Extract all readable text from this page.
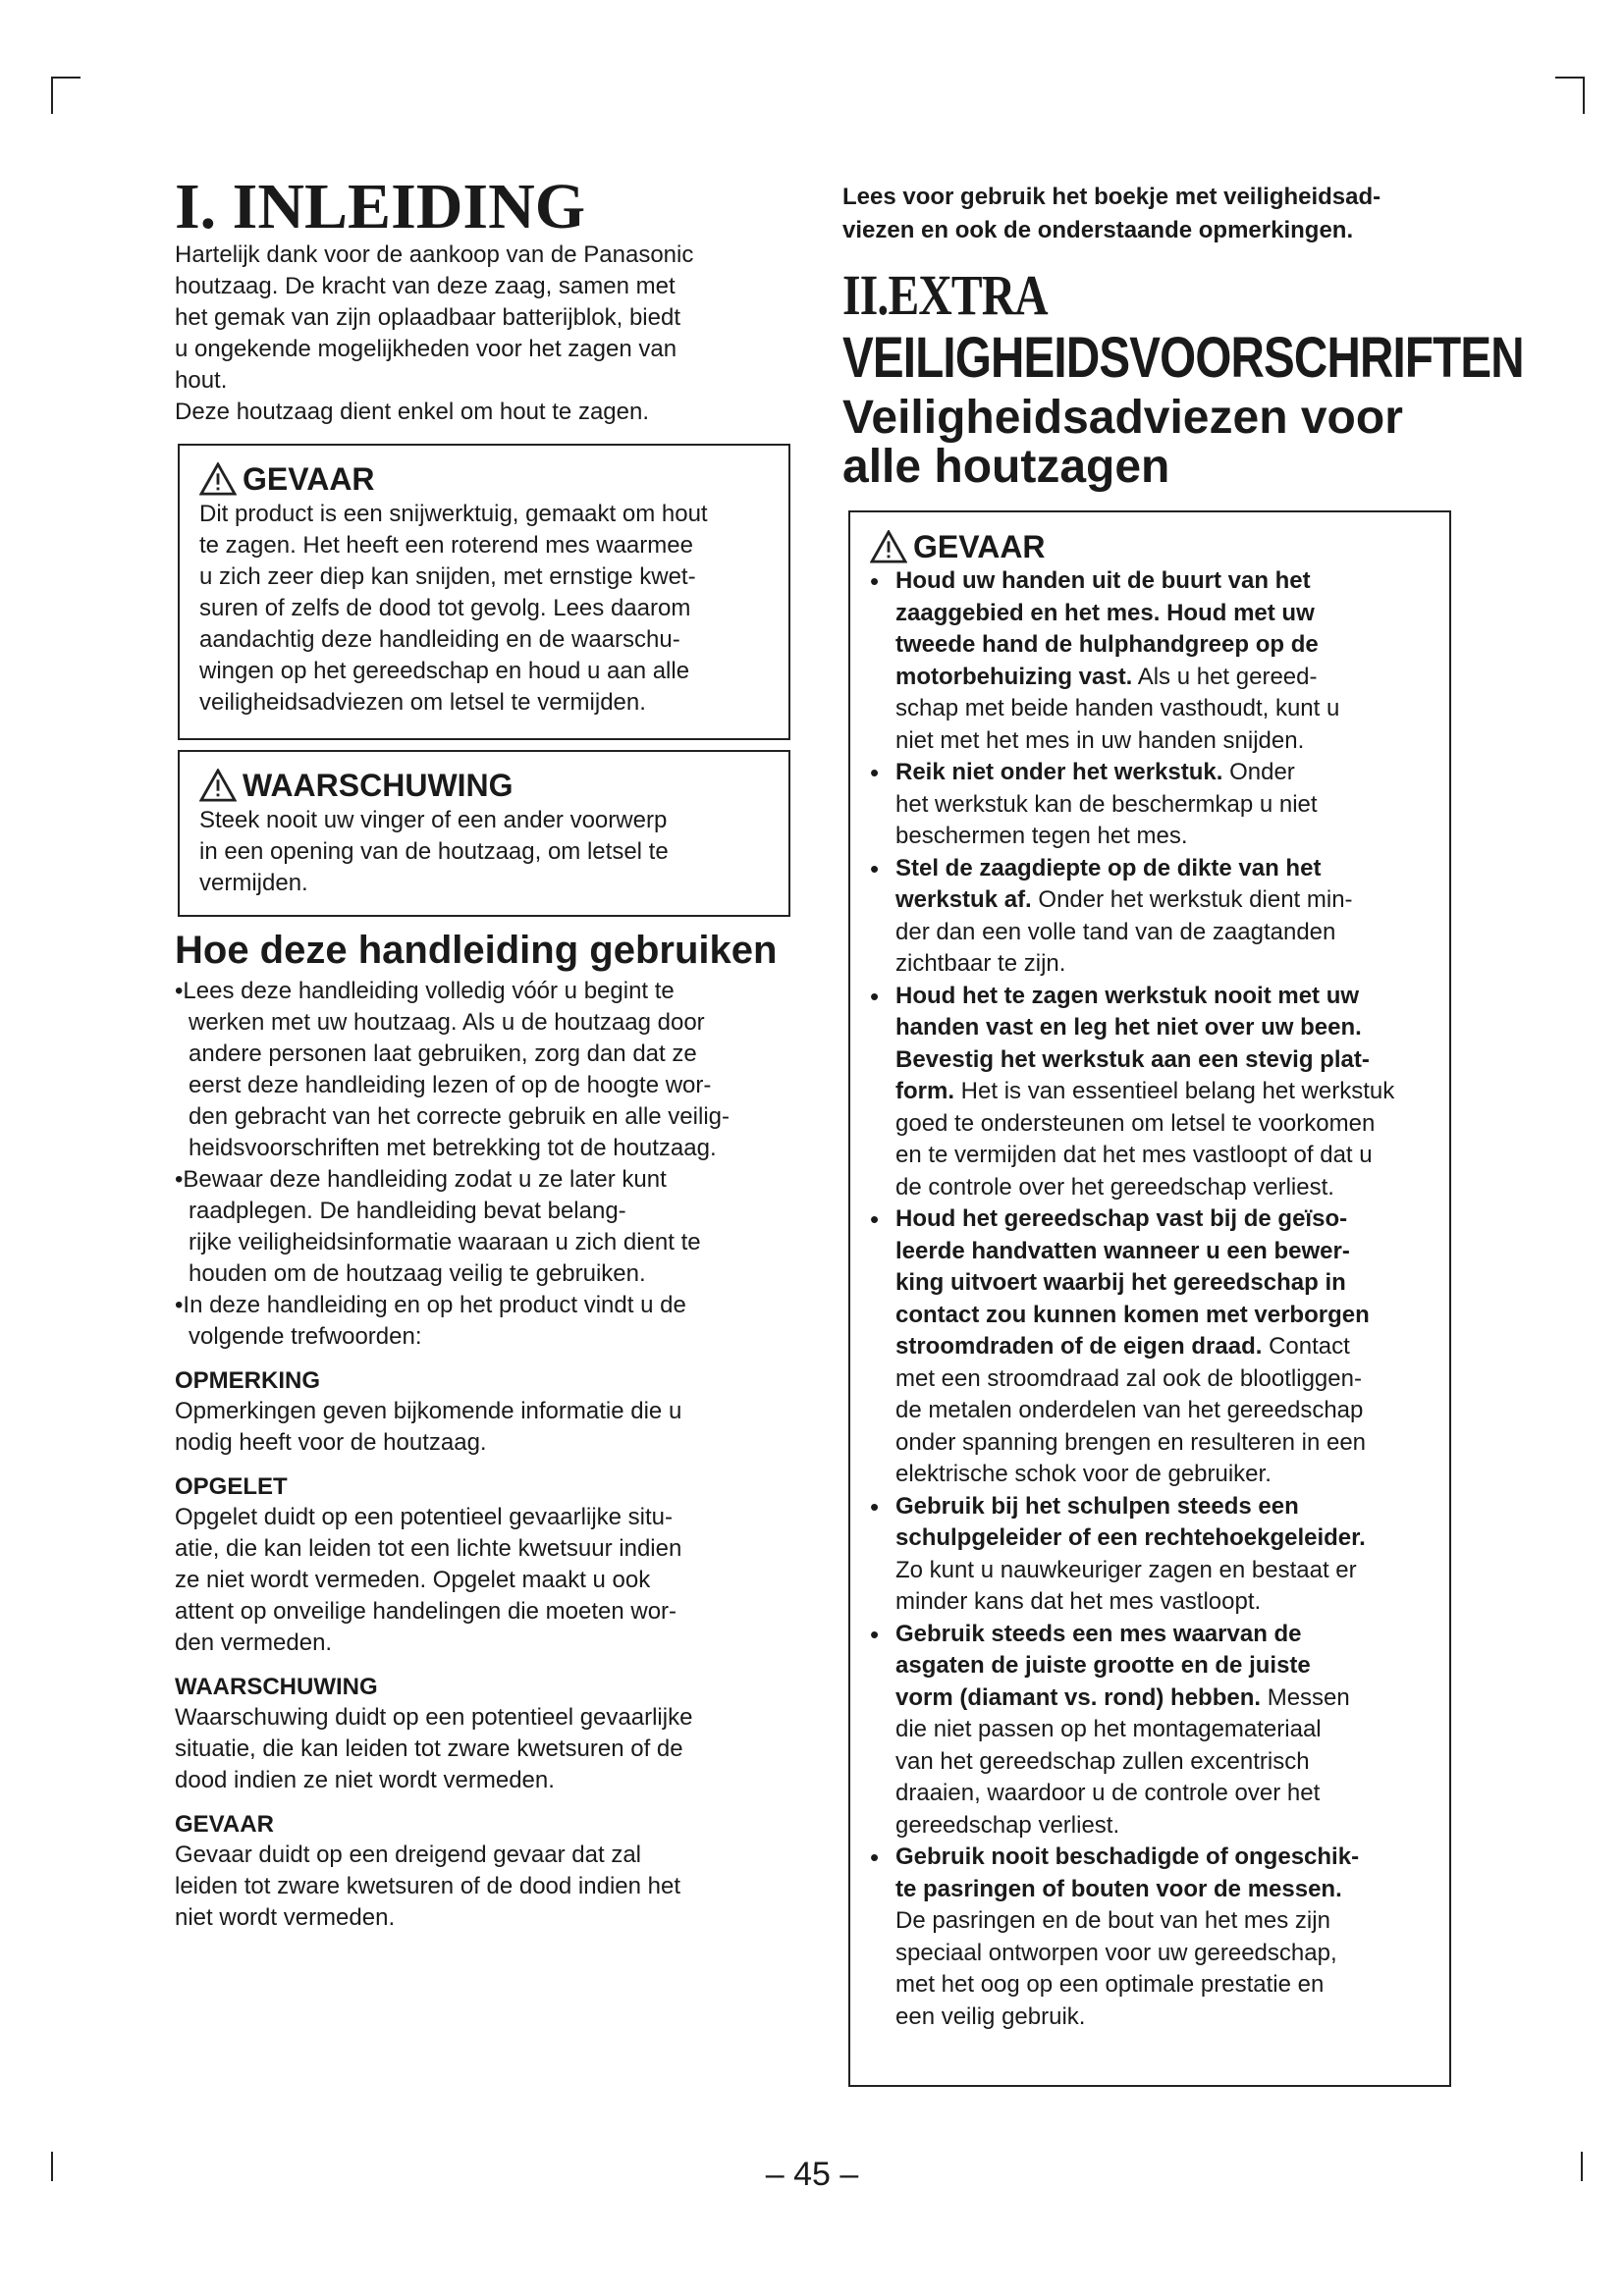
I. INLEIDING

Hartelijk dank voor de aankoop van de Panasonic

houtzaag. De kracht van deze zaag, samen met

het gemak van zijn oplaadbaar batterijblok, biedt

u ongekende mogelijkheden voor het zagen van

hout.

Deze houtzaag dient enkel om hout te zagen.

GEVAAR

Dit product is een snijwerktuig, gemaakt om hout

te zagen. Het heeft een roterend mes waarmee

u zich zeer diep kan snijden, met ernstige kwet-

suren of zelfs de dood tot gevolg. Lees daarom

aandachtig deze handleiding en de waarschu-

wingen op het gereedschap en houd u aan alle

veiligheidsadviezen om letsel te vermijden.

WAARSCHUWING

Steek nooit uw vinger of een ander voorwerp

in een opening van de houtzaag, om letsel te

vermijden.

Hoe deze handleiding gebruiken

•Lees deze handleiding volledig vóór u begint te

werken met uw houtzaag. Als u de houtzaag door

andere personen laat gebruiken, zorg dan dat ze

eerst deze handleiding lezen of op de hoogte wor-

den gebracht van het correcte gebruik en alle veilig-

heidsvoorschriften met betrekking tot de houtzaag.

•Bewaar deze handleiding zodat u ze later kunt

raadplegen. De handleiding bevat belang-

rijke veiligheidsinformatie waaraan u zich dient te

houden om de houtzaag veilig te gebruiken.

•In deze handleiding en op het product vindt u de

volgende trefwoorden:

OPMERKING

Opmerkingen geven bijkomende informatie die u

nodig heeft voor de houtzaag.

OPGELET

Opgelet duidt op een potentieel gevaarlijke situ-

atie, die kan leiden tot een lichte kwetsuur indien

ze niet wordt vermeden. Opgelet maakt u ook

attent op onveilige handelingen die moeten wor-

den vermeden.

WAARSCHUWING

Waarschuwing duidt op een potentieel gevaarlijke

situatie, die kan leiden tot zware kwetsuren of de

dood indien ze niet wordt vermeden.

GEVAAR

Gevaar duidt op een dreigend gevaar dat zal

leiden tot zware kwetsuren of de dood indien het

niet wordt vermeden.

Lees voor gebruik het boekje met veiligheidsad-
viezen en ook de onderstaande opmerkingen.
II.EXTRA
VEILIGHEIDSVOORSCHRIFTEN
Veiligheidsadviezen voor
alle houtzagen
GEVAAR
• Houd uw handen uit de buurt van het
zaaggebied en het mes. Houd met uw
tweede hand de hulphandgreep op de
motorbehuizing vast. Als u het gereed-
schap met beide handen vasthoudt, kunt u
niet met het mes in uw handen snijden.
• Reik niet onder het werkstuk. Onder
het werkstuk kan de beschermkap u niet
beschermen tegen het mes.
• Stel de zaagdiepte op de dikte van het
werkstuk af. Onder het werkstuk dient min-
der dan een volle tand van de zaagtanden
zichtbaar te zijn.
• Houd het te zagen werkstuk nooit met uw
handen vast en leg het niet over uw been.
Bevestig het werkstuk aan een stevig plat-
form. Het is van essentieel belang het werkstuk
goed te ondersteunen om letsel te voorkomen
en te vermijden dat het mes vastloopt of dat u
de controle over het gereedschap verliest.
• Houd het gereedschap vast bij de geïso-
leerde handvatten wanneer u een bewer-
king uitvoert waarbij het gereedschap in
contact zou kunnen komen met verborgen
stroomdraden of de eigen draad. Contact
met een stroomdraad zal ook de blootliggen-
de metalen onderdelen van het gereedschap
onder spanning brengen en resulteren in een
elektrische schok voor de gebruiker.
• Gebruik bij het schulpen steeds een
schulpgeleider of een rechtehoekgeleider.
Zo kunt u nauwkeuriger zagen en bestaat er
minder kans dat het mes vastloopt.
• Gebruik steeds een mes waarvan de
asgaten de juiste grootte en de juiste
vorm (diamant vs. rond) hebben. Messen
die niet passen op het montagemateriaal
van het gereedschap zullen excentrisch
draaien, waardoor u de controle over het
gereedschap verliest.
• Gebruik nooit beschadigde of ongeschik-
te pasringen of bouten voor de messen.
De pasringen en de bout van het mes zijn
speciaal ontworpen voor uw gereedschap,
met het oog op een optimale prestatie en
een veilig gebruik.
– 45 –
